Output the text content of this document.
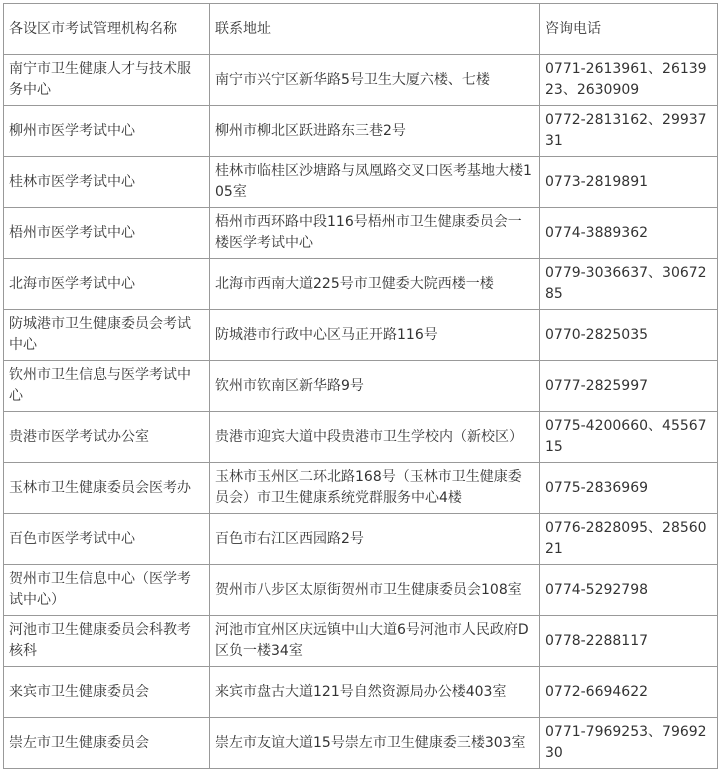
各设区市考试管理机构名称	联系地址	咨询电话
南宁市卫生健康人才与技术服务中心	南宁市兴宁区新华路5号卫生大厦六楼、七楼	0771-2613961、2613923、2630909
柳州市医学考试中心	柳州市柳北区跃进路东三巷2号	0772-2813162、2993731
桂林市医学考试中心	桂林市临桂区沙塘路与凤凰路交叉口医考基地大楼105室	0773-2819891
梧州市医学考试中心	梧州市西环路中段116号梧州市卫生健康委员会一楼医学考试中心	0774-3889362
北海市医学考试中心	北海市西南大道225号市卫健委大院西楼一楼	0779-3036637、3067285
防城港市卫生健康委员会考试中心	防城港市行政中心区马正开路116号	0770-2825035
钦州市卫生信息与医学考试中心	钦州市钦南区新华路9号	0777-2825997
贵港市医学考试办公室	贵港市迎宾大道中段贵港市卫生学校内（新校区）	0775-4200660、4556715
玉林市卫生健康委员会医考办	玉林市玉州区二环北路168号（玉林市卫生健康委员会）市卫生健康系统党群服务中心4楼	0775-2836969
百色市医学考试中心	百色市右江区西园路2号	0776-2828095、2856021
贺州市卫生信息中心（医学考试中心）	贺州市八步区太原街贺州市卫生健康委员会108室	0774-5292798
河池市卫生健康委员会科教考核科	河池市宜州区庆远镇中山大道6号河池市人民政府D区负一楼34室	0778-2288117
来宾市卫生健康委员会	来宾市盘古大道121号自然资源局办公楼403室	0772-6694622
崇左市卫生健康委员会	崇左市友谊大道15号崇左市卫生健康委三楼303室	0771-7969253、7969230
